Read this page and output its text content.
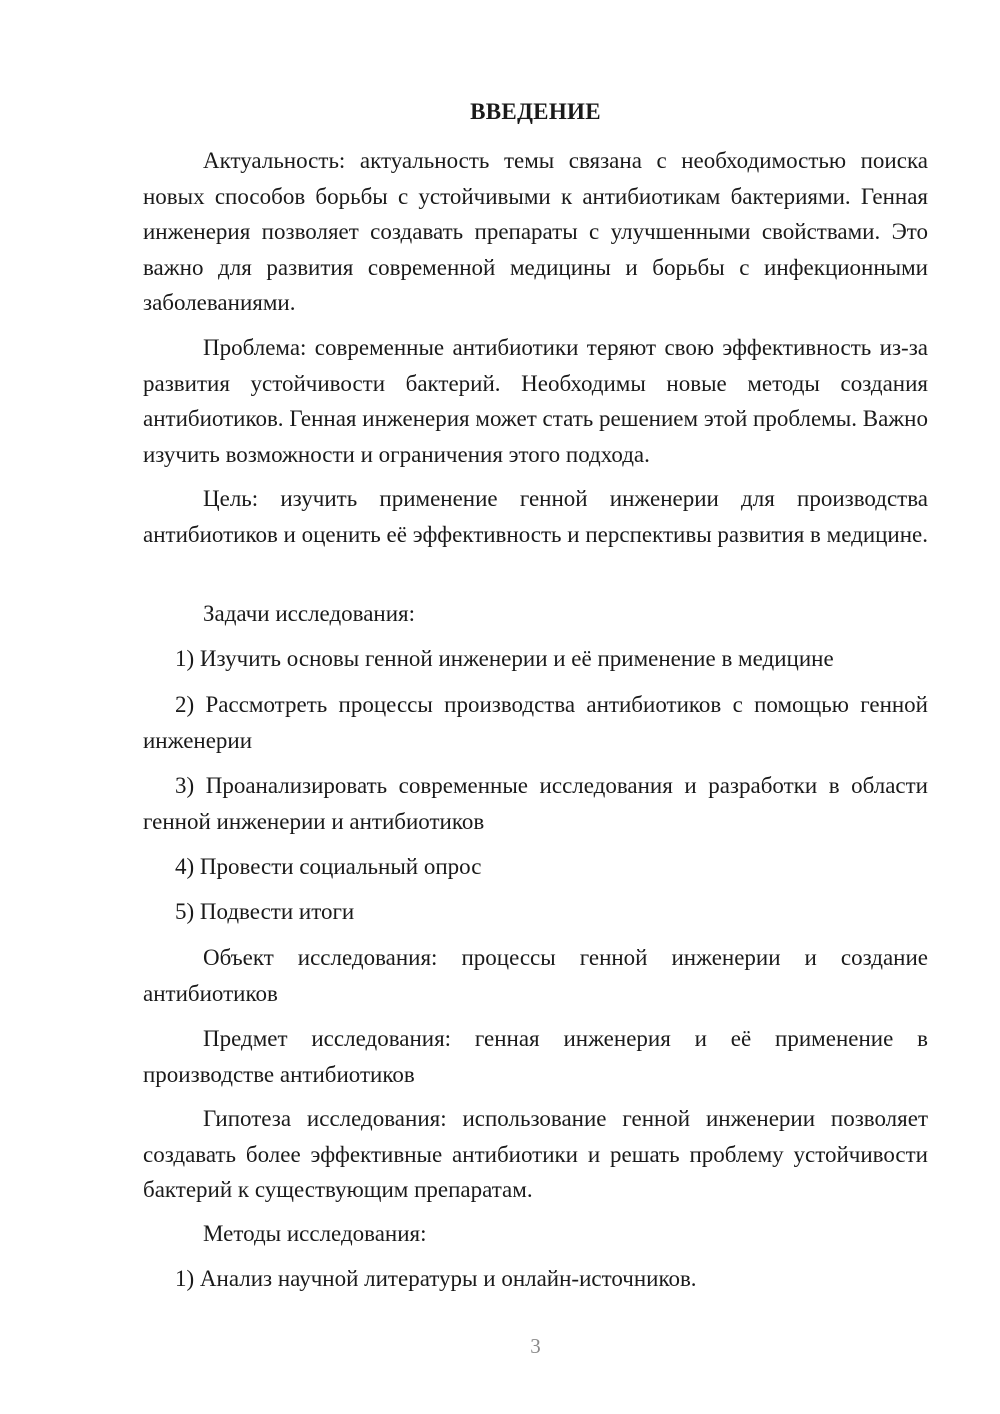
ВВЕДЕНИЕ

Актуальность: актуальность темы связана с необходимостью поиска новых способов борьбы с устойчивыми к антибиотикам бактериями. Генная инженерия позволяет создавать препараты с улучшенными свойствами. Это важно для развития современной медицины и борьбы с инфекционными заболеваниями.

Проблема: современные антибиотики теряют свою эффективность из-за развития устойчивости бактерий. Необходимы новые методы создания антибиотиков. Генная инженерия может стать решением этой проблемы. Важно изучить возможности и ограничения этого подхода.

Цель: изучить применение генной инженерии для производства антибиотиков и оценить её эффективность и перспективы развития в медицине.

Задачи исследования:

1) Изучить основы генной инженерии и её применение в медицине

2) Рассмотреть процессы производства антибиотиков с помощью генной инженерии

3) Проанализировать современные исследования и разработки в области генной инженерии и антибиотиков

4) Провести социальный опрос

5) Подвести итоги

Объект исследования: процессы генной инженерии и создание антибиотиков

Предмет исследования: генная инженерия и её применение в производстве антибиотиков

Гипотеза исследования: использование генной инженерии позволяет создавать более эффективные антибиотики и решать проблему устойчивости бактерий к существующим препаратам.

Методы исследования:

1) Анализ научной литературы и онлайн-источников.

3
